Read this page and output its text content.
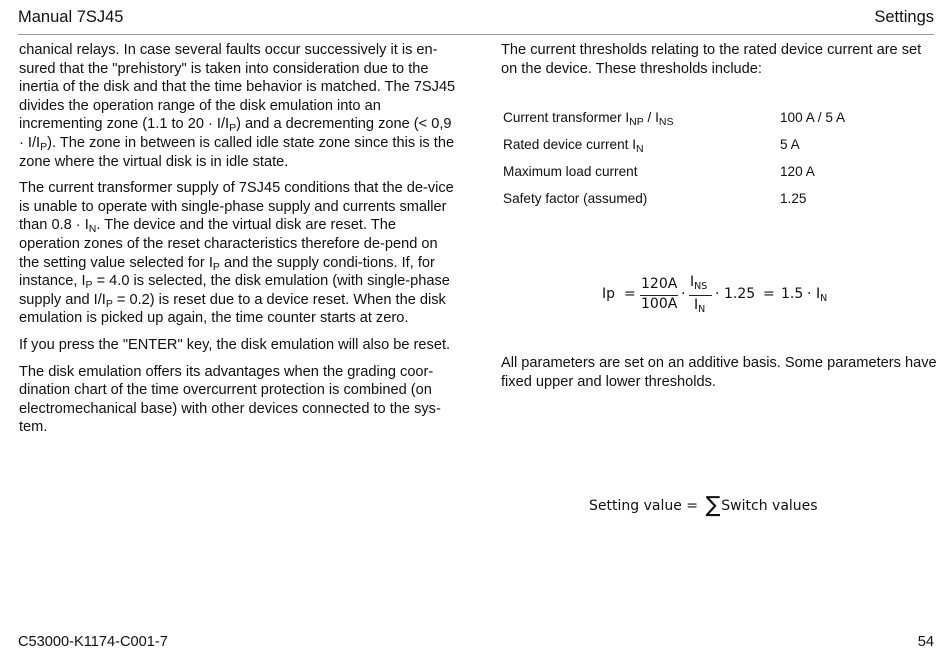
Manual 7SJ45	Settings

chanical relays. In case several faults occur successively it is en-sured that the "prehistory" is taken into consideration due to the inertia of the disk and that the time behavior is matched. The 7SJ45 divides the operation range of the disk emulation into an incrementing zone (1.1 to $20 \cdot I/I_P$) and a decrementing zone (< $0,9 \cdot I/I_P$). The zone in between is called idle state zone since this is the zone where the virtual disk is in idle state.

The current transformer supply of 7SJ45 conditions that the de-vice is unable to operate with single-phase supply and currents smaller than $0.8 \cdot I_N$. The device and the virtual disk are reset. The operation zones of the reset characteristics therefore de-pend on the setting value selected for $I_P$ and the supply condi-tions. If, for instance, $I_P = 4.0$ is selected, the disk emulation (with single-phase supply and $I/I_P = 0.2$) is reset due to a device reset. When the disk emulation is picked up again, the time counter starts at zero.

If you press the "ENTER" key, the disk emulation will also be reset.

The disk emulation offers its advantages when the grading coor-dination chart of the time overcurrent protection is combined (on electromechanical base) with other devices connected to the sys-tem.

The current thresholds relating to the rated device current are set on the device. These thresholds include:

Current transformer $I_{NP} / I_{NS}$	100 A / 5 A
Rated device current $I_N$	5 A
Maximum load current	120 A
Safety factor (assumed)	1.25
Ip =
120A
100A
·
$I_{NS}$
$I_N$
· $1.25 = 1.5 \cdot I_N$

All parameters are set on an additive basis. Some parameters have fixed upper and lower thresholds.

Setting value = ∑Switch values
C53000-K1174-C001-7	54
